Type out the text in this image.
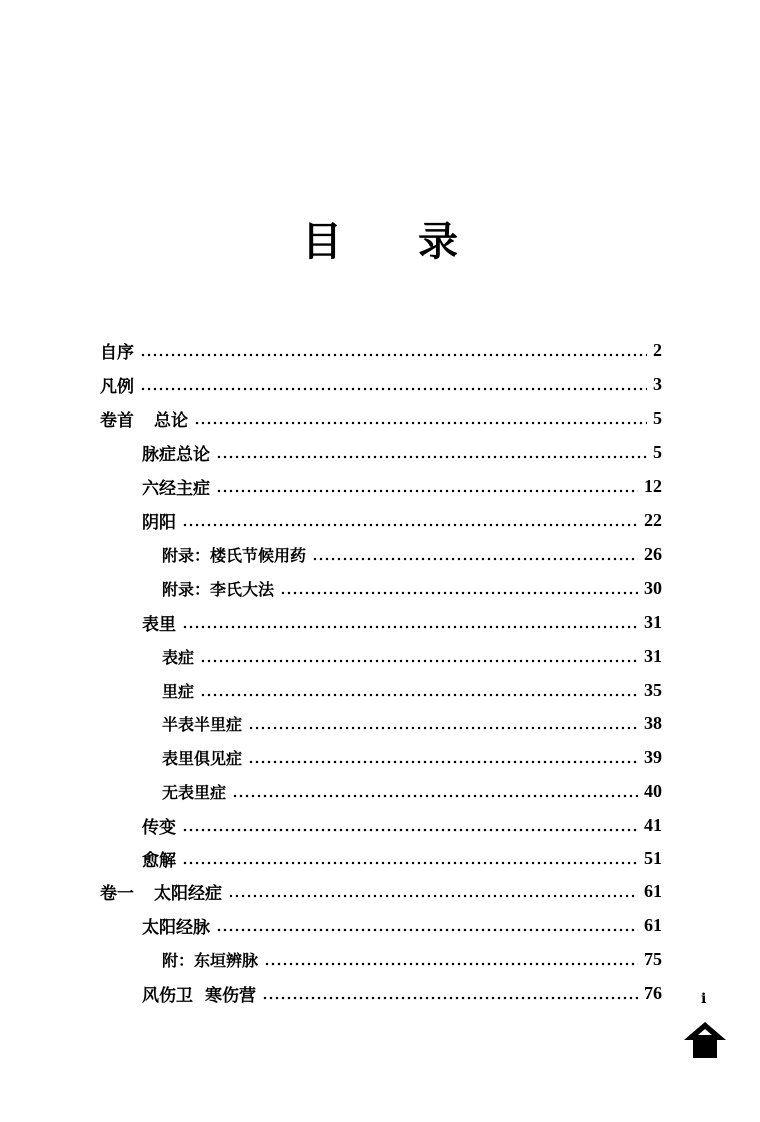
目 录
自序	2
凡例	3
卷首 总论	5
脉症总论	5
六经主症	12
阴阳	22
附录：楼氏节候用药	26
附录：李氏大法	30
表里	31
表症	31
里症	35
半表半里症	38
表里俱见症	39
无表里症	40
传变	41
愈解	51
卷一 太阳经症	61
太阳经脉	61
附：东垣辨脉	75
风伤卫 寒伤营	76	i
